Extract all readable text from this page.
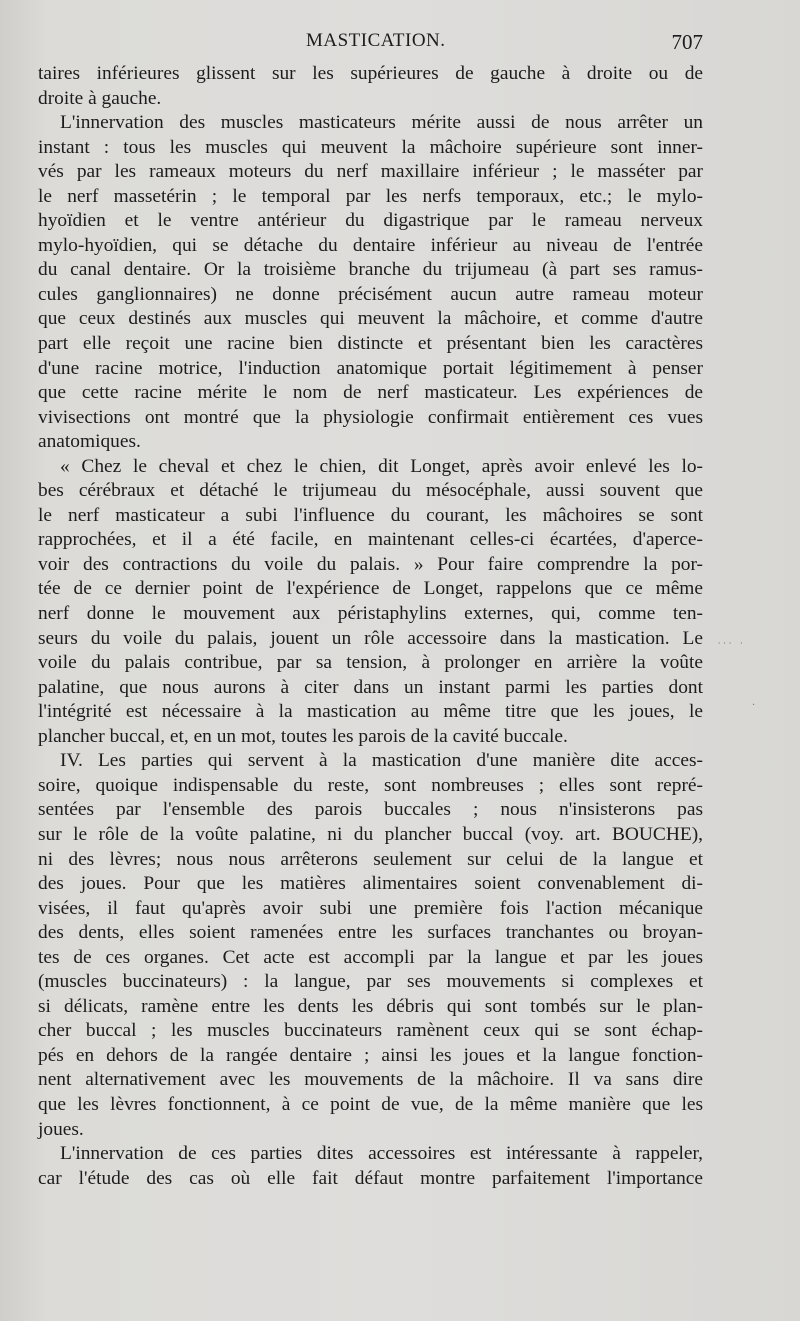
MASTICATION.	707
taires inférieures glissent sur les supérieures de gauche à droite ou de
droite à gauche.
L'innervation des muscles masticateurs mérite aussi de nous arrêter un
instant : tous les muscles qui meuvent la mâchoire supérieure sont inner-
vés par les rameaux moteurs du nerf maxillaire inférieur ; le masséter par
le nerf massetérin ; le temporal par les nerfs temporaux, etc.; le mylo-
hyoïdien et le ventre antérieur du digastrique par le rameau nerveux
mylo-hyoïdien, qui se détache du dentaire inférieur au niveau de l'entrée
du canal dentaire. Or la troisième branche du trijumeau (à part ses ramus-
cules ganglionnaires) ne donne précisément aucun autre rameau moteur
que ceux destinés aux muscles qui meuvent la mâchoire, et comme d'autre
part elle reçoit une racine bien distincte et présentant bien les caractères
d'une racine motrice, l'induction anatomique portait légitimement à penser
que cette racine mérite le nom de nerf masticateur. Les expériences de
vivisections ont montré que la physiologie confirmait entièrement ces vues
anatomiques.
« Chez le cheval et chez le chien, dit Longet, après avoir enlevé les lo-
bes cérébraux et détaché le trijumeau du mésocéphale, aussi souvent que
le nerf masticateur a subi l'influence du courant, les mâchoires se sont
rapprochées, et il a été facile, en maintenant celles-ci écartées, d'aperce-
voir des contractions du voile du palais. » Pour faire comprendre la por-
tée de ce dernier point de l'expérience de Longet, rappelons que ce même
nerf donne le mouvement aux péristaphylins externes, qui, comme ten-
seurs du voile du palais, jouent un rôle accessoire dans la mastication. Le
voile du palais contribue, par sa tension, à prolonger en arrière la voûte
palatine, que nous aurons à citer dans un instant parmi les parties dont
l'intégrité est nécessaire à la mastication au même titre que les joues, le
plancher buccal, et, en un mot, toutes les parois de la cavité buccale.
IV. Les parties qui servent à la mastication d'une manière dite acces-
soire, quoique indispensable du reste, sont nombreuses ; elles sont repré-
sentées par l'ensemble des parois buccales ; nous n'insisterons pas
sur le rôle de la voûte palatine, ni du plancher buccal (voy. art. BOUCHE),
ni des lèvres; nous nous arrêterons seulement sur celui de la langue et
des joues. Pour que les matières alimentaires soient convenablement di-
visées, il faut qu'après avoir subi une première fois l'action mécanique
des dents, elles soient ramenées entre les surfaces tranchantes ou broyan-
tes de ces organes. Cet acte est accompli par la langue et par les joues
(muscles buccinateurs) : la langue, par ses mouvements si complexes et
si délicats, ramène entre les dents les débris qui sont tombés sur le plan-
cher buccal ; les muscles buccinateurs ramènent ceux qui se sont échap-
pés en dehors de la rangée dentaire ; ainsi les joues et la langue fonction-
nent alternativement avec les mouvements de la mâchoire. Il va sans dire
que les lèvres fonctionnent, à ce point de vue, de la même manière que les
joues.
L'innervation de ces parties dites accessoires est intéressante à rappeler,
car l'étude des cas où elle fait défaut montre parfaitement l'importance
⸱⸱⸱ ⸱
·
